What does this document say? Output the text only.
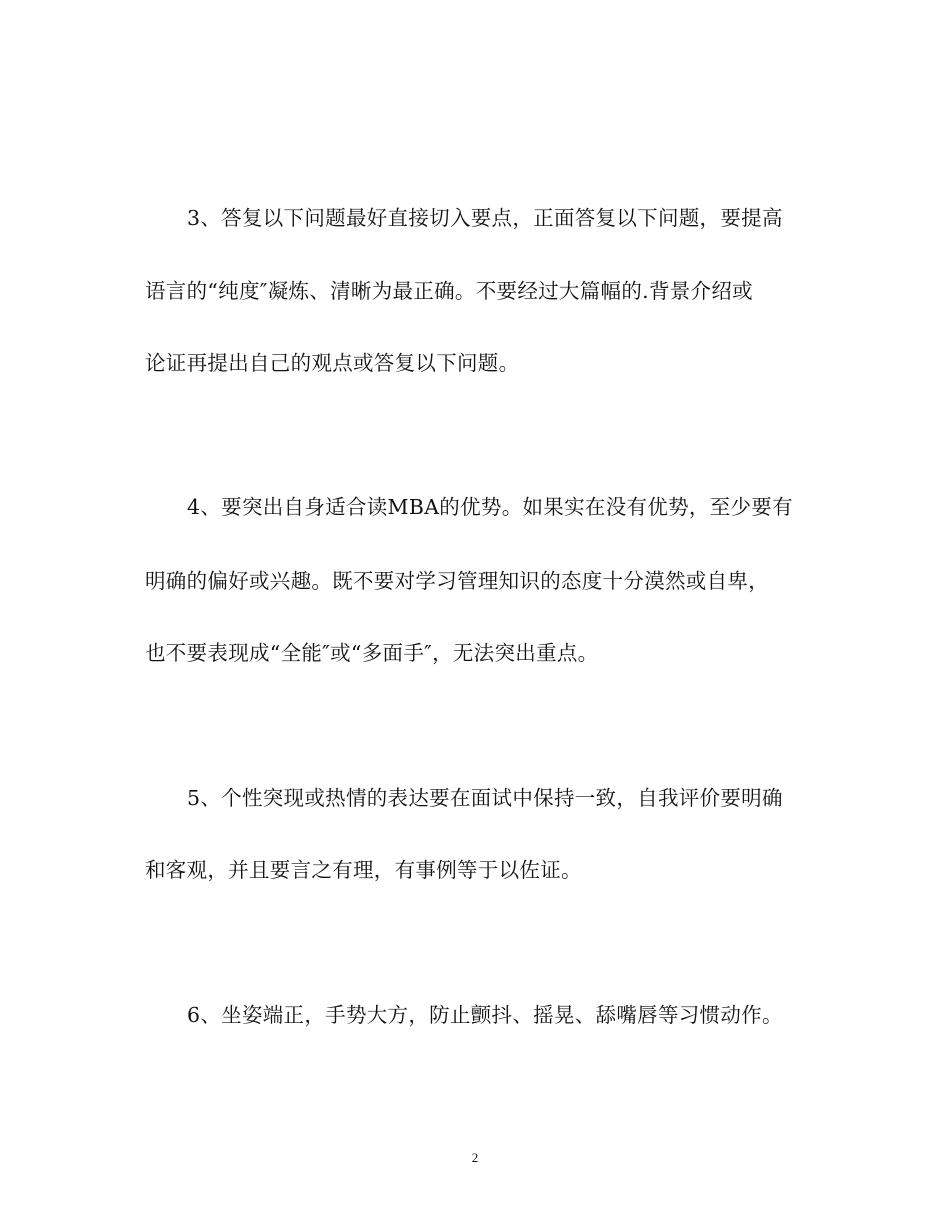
3、答复以下问题最好直接切入要点，正面答复以下问题，要提高
语言的“纯度″凝炼、清晰为最正确。不要经过大篇幅的.背景介绍或
论证再提出自己的观点或答复以下问题。
4、要突出自身适合读MBA的优势。如果实在没有优势，至少要有
明确的偏好或兴趣。既不要对学习管理知识的态度十分漠然或自卑，
也不要表现成“全能″或“多面手″，无法突出重点。
5、个性突现或热情的表达要在面试中保持一致，自我评价要明确
和客观，并且要言之有理，有事例等于以佐证。
6、坐姿端正，手势大方，防止颤抖、摇晃、舔嘴唇等习惯动作。
2
